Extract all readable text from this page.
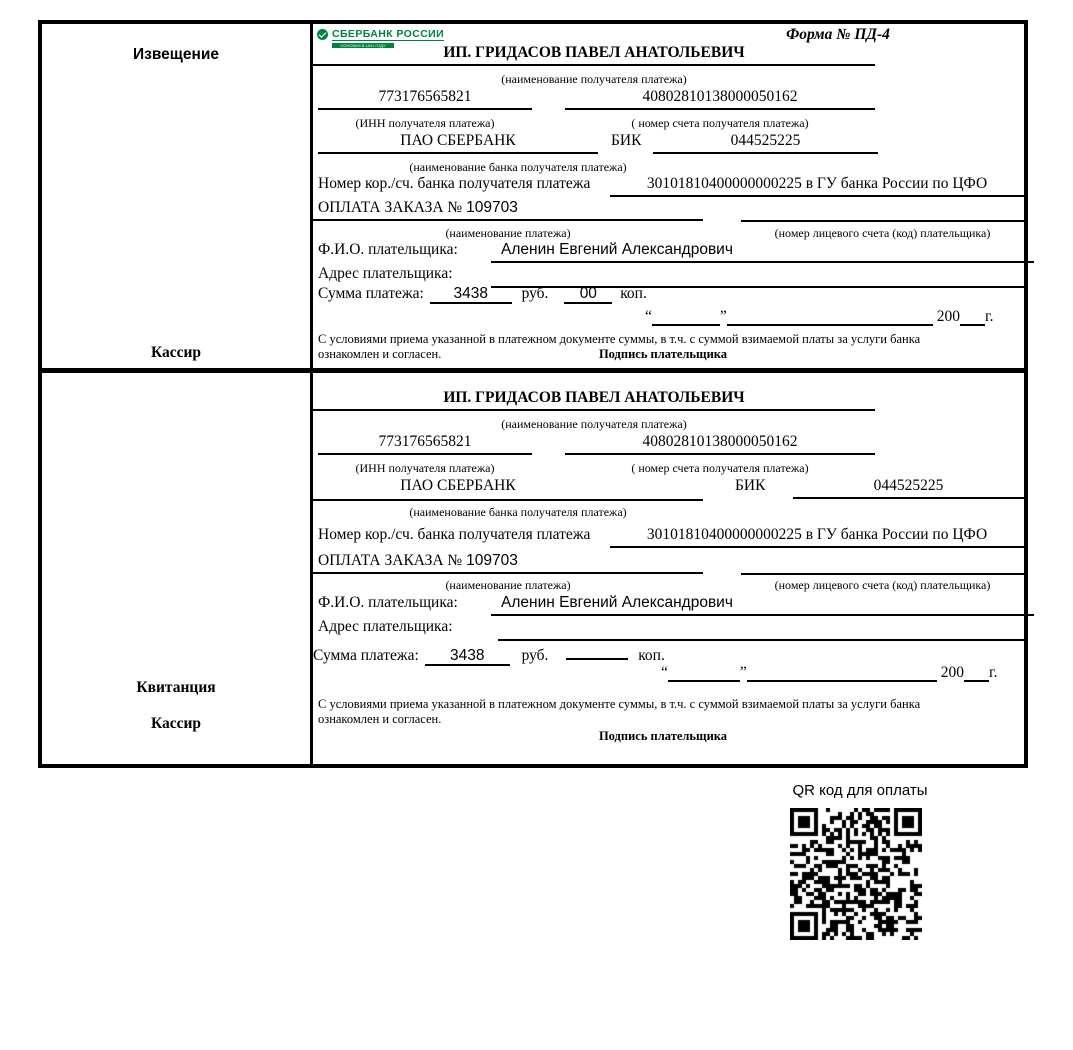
Извещение
Кассир
СБЕРБАНК РОССИИ
ОСНОВАН В 1841 ГОДУ
Форма № ПД-4
ИП. ГРИДАСОВ ПАВЕЛ АНАТОЛЬЕВИЧ
(наименование получателя платежа)
773176565821	40802810138000050162
(ИНН получателя платежа)	( номер счета получателя платежа)
ПАО СБЕРБАНК	БИК	044525225
(наименование банка получателя платежа)
Номер кор./сч. банка получателя платежа	30101810400000000225 в ГУ банка России по ЦФО
ОПЛАТА ЗАКАЗА № 109703
(наименование платежа)	(номер лицевого счета (код) плательщика)
Ф.И.О. плательщика:	Аленин Евгений Александрович
Адрес плательщика:
Сумма платежа: 3438 руб. 00 коп.
“	”	200 г.
С условиями приема указанной в платежном документе суммы, в т.ч. с суммой взимаемой платы за услуги банка
ознакомлен и согласен.	Подпись плательщика
Квитанция
Кассир
ИП. ГРИДАСОВ ПАВЕЛ АНАТОЛЬЕВИЧ
(наименование получателя платежа)
773176565821	40802810138000050162
(ИНН получателя платежа)	( номер счета получателя платежа)
ПАО СБЕРБАНК	БИК	044525225
(наименование банка получателя платежа)
Номер кор./сч. банка получателя платежа	30101810400000000225 в ГУ банка России по ЦФО
ОПЛАТА ЗАКАЗА № 109703
(наименование платежа)	(номер лицевого счета (код) плательщика)
Ф.И.О. плательщика:	Аленин Евгений Александрович
Адрес плательщика:
Сумма платежа: 3438 руб.	коп.
“	”	200 г.
С условиями приема указанной в платежном документе суммы, в т.ч. с суммой взимаемой платы за услуги банка
ознакомлен и согласен.
Подпись плательщика
QR код для оплаты
